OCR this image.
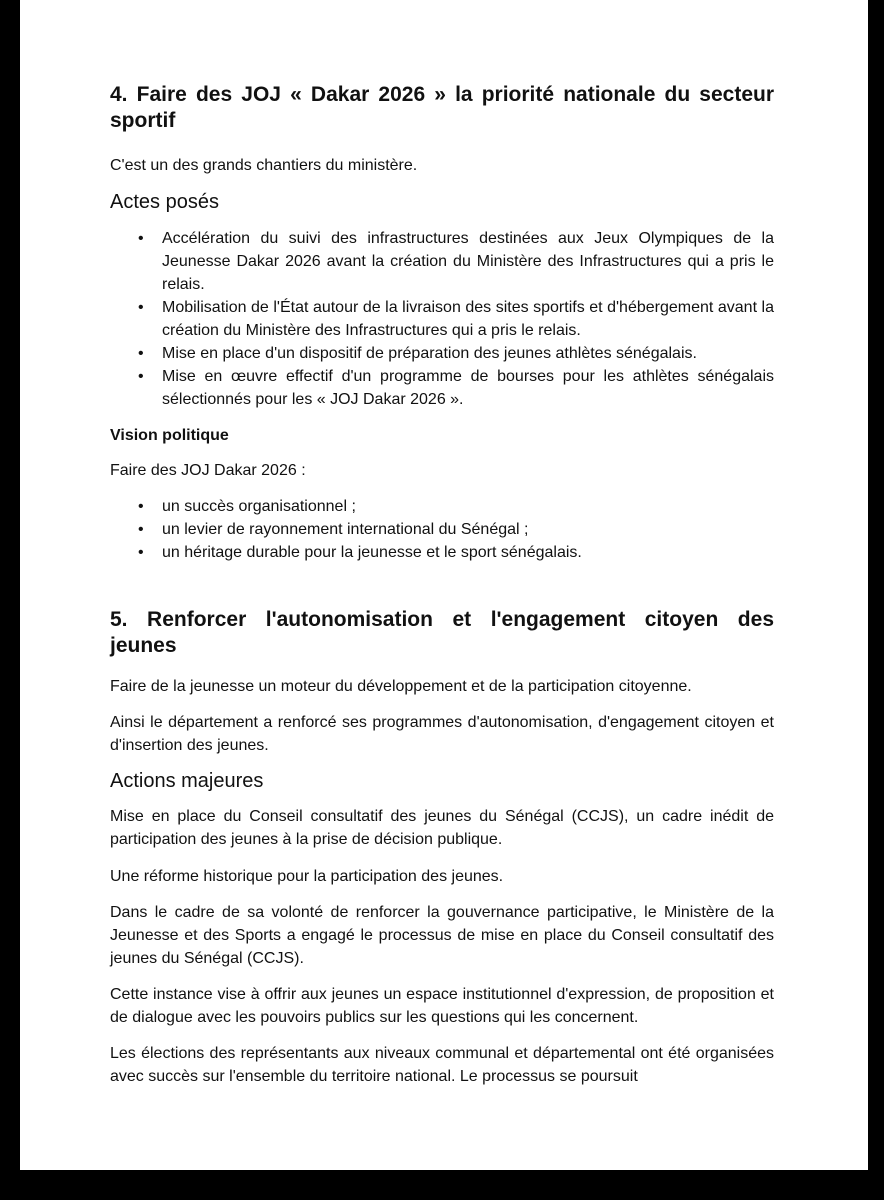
4. Faire des JOJ « Dakar 2026 » la priorité nationale du secteur sportif

C'est un des grands chantiers du ministère.

Actes posés
• Accélération du suivi des infrastructures destinées aux Jeux Olympiques de la Jeunesse Dakar 2026 avant la création du Ministère des Infrastructures qui a pris le relais.
• Mobilisation de l'État autour de la livraison des sites sportifs et d'hébergement avant la création du Ministère des Infrastructures qui a pris le relais.
• Mise en place d'un dispositif de préparation des jeunes athlètes sénégalais.
• Mise en œuvre effectif d'un programme de bourses pour les athlètes sénégalais sélectionnés pour les « JOJ Dakar 2026 ».
Vision politique

Faire des JOJ Dakar 2026 :

• un succès organisationnel ;
• un levier de rayonnement international du Sénégal ;
• un héritage durable pour la jeunesse et le sport sénégalais.
5. Renforcer l'autonomisation et l'engagement citoyen des jeunes

Faire de la jeunesse un moteur du développement et de la participation citoyenne.

Ainsi le département a renforcé ses programmes d'autonomisation, d'engagement citoyen et d'insertion des jeunes.

Actions majeures

Mise en place du Conseil consultatif des jeunes du Sénégal (CCJS), un cadre inédit de participation des jeunes à la prise de décision publique.

Une réforme historique pour la participation des jeunes.

Dans le cadre de sa volonté de renforcer la gouvernance participative, le Ministère de la Jeunesse et des Sports a engagé le processus de mise en place du Conseil consultatif des jeunes du Sénégal (CCJS).

Cette instance vise à offrir aux jeunes un espace institutionnel d'expression, de proposition et de dialogue avec les pouvoirs publics sur les questions qui les concernent.

Les élections des représentants aux niveaux communal et départemental ont été organisées avec succès sur l'ensemble du territoire national. Le processus se poursuit
